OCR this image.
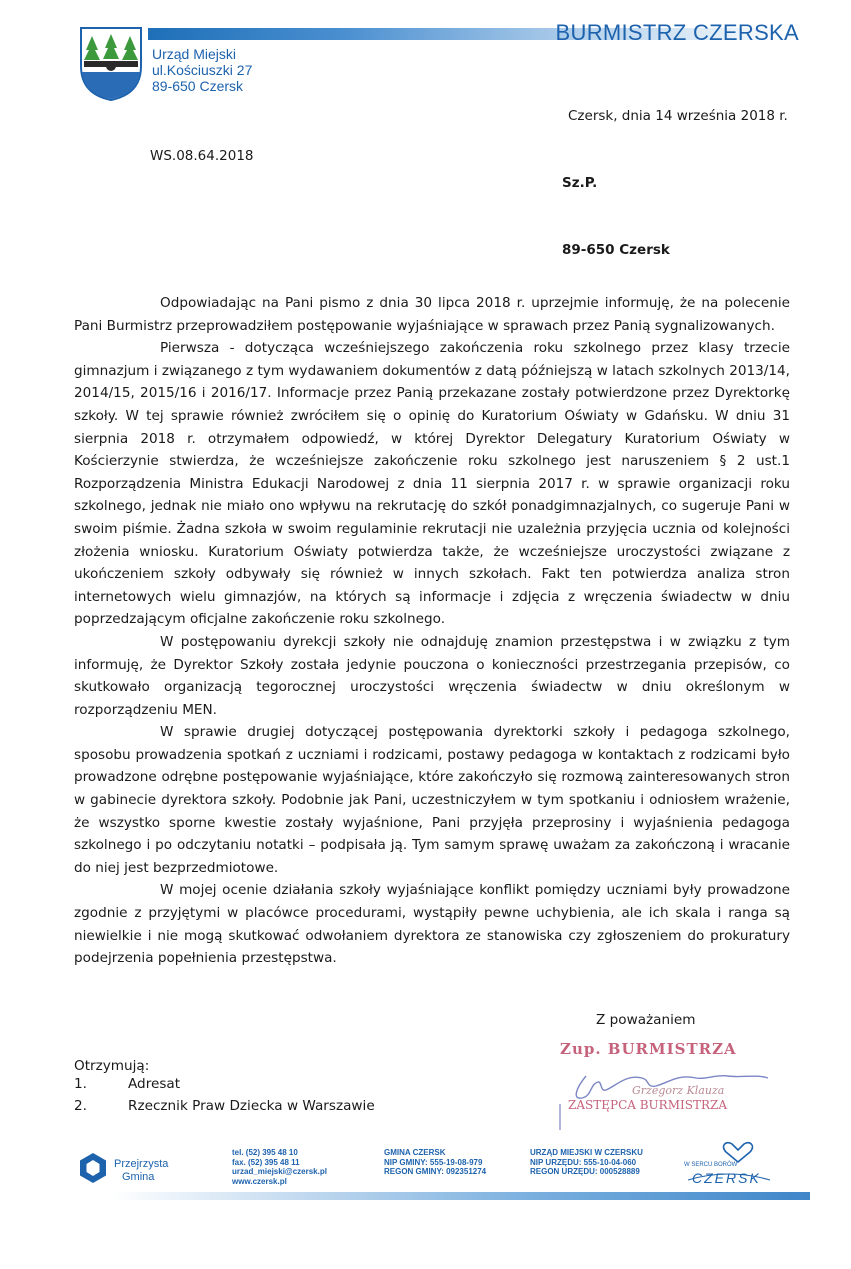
Urząd Miejski
ul.Kościuszki 27
89-650 Czersk
BURMISTRZ CZERSKA
Czersk, dnia 14 września 2018 r.
WS.08.64.2018
Sz.P.
89-650 Czersk

Odpowiadając na Pani pismo z dnia 30 lipca 2018 r. uprzejmie informuję, że na polecenie Pani Burmistrz przeprowadziłem postępowanie wyjaśniające w sprawach przez Panią sygnalizowanych.

Pierwsza - dotycząca wcześniejszego zakończenia roku szkolnego przez klasy trzecie gimnazjum i związanego z tym wydawaniem dokumentów z datą późniejszą w latach szkolnych 2013/14, 2014/15, 2015/16 i 2016/17. Informacje przez Panią przekazane zostały potwierdzone przez Dyrektorkę szkoły. W tej sprawie również zwróciłem się o opinię do Kuratorium Oświaty w Gdańsku. W dniu 31 sierpnia 2018 r. otrzymałem odpowiedź, w której Dyrektor Delegatury Kuratorium Oświaty w Kościerzynie stwierdza, że wcześniejsze zakończenie roku szkolnego jest naruszeniem § 2 ust.1 Rozporządzenia Ministra Edukacji Narodowej z dnia 11 sierpnia 2017 r. w sprawie organizacji roku szkolnego, jednak nie miało ono wpływu na rekrutację do szkół ponadgimnazjalnych, co sugeruje Pani w swoim piśmie. Żadna szkoła w swoim regulaminie rekrutacji nie uzależnia przyjęcia ucznia od kolejności złożenia wniosku. Kuratorium Oświaty potwierdza także, że wcześniejsze uroczystości związane z ukończeniem szkoły odbywały się również w innych szkołach. Fakt ten potwierdza analiza stron internetowych wielu gimnazjów, na których są informacje i zdjęcia z wręczenia świadectw w dniu poprzedzającym oficjalne zakończenie roku szkolnego.

W postępowaniu dyrekcji szkoły nie odnajduję znamion przestępstwa i w związku z tym informuję, że Dyrektor Szkoły została jedynie pouczona o konieczności przestrzegania przepisów, co skutkowało organizacją tegorocznej uroczystości wręczenia świadectw w dniu określonym w rozporządzeniu MEN.

W sprawie drugiej dotyczącej postępowania dyrektorki szkoły i pedagoga szkolnego, sposobu prowadzenia spotkań z uczniami i rodzicami, postawy pedagoga w kontaktach z rodzicami było prowadzone odrębne postępowanie wyjaśniające, które zakończyło się rozmową zainteresowanych stron w gabinecie dyrektora szkoły. Podobnie jak Pani, uczestniczyłem w tym spotkaniu i odniosłem wrażenie, że wszystko sporne kwestie zostały wyjaśnione, Pani przyjęła przeprosiny i wyjaśnienia pedagoga szkolnego i po odczytaniu notatki – podpisała ją. Tym samym sprawę uważam za zakończoną i wracanie do niej jest bezprzedmiotowe.

W mojej ocenie działania szkoły wyjaśniające konflikt pomiędzy uczniami były prowadzone zgodnie z przyjętymi w placówce procedurami, wystąpiły pewne uchybienia, ale ich skala i ranga są niewielkie i nie mogą skutkować odwołaniem dyrektora ze stanowiska czy zgłoszeniem do prokuratury podejrzenia popełnienia przestępstwa.

Z poważaniem
Zup. BURMISTRZA
Grzegorz Klauza
ZASTĘPCA BURMISTRZA
Otrzymują:
1.	Adresat
2.	Rzecznik Praw Dziecka w Warszawie
Przejrzysta
Gmina
tel. (52) 395 48 10
fax. (52) 395 48 11
urzad_miejski@czersk.pl
www.czersk.pl
GMINA CZERSK
NIP GMINY: 555-19-08-979
REGON GMINY: 092351274
URZĄD MIEJSKI W CZERSKU
NIP URZĘDU: 555-10-04-060
REGON URZĘDU: 000528889
W SERCU BORÓW
CZERSK
